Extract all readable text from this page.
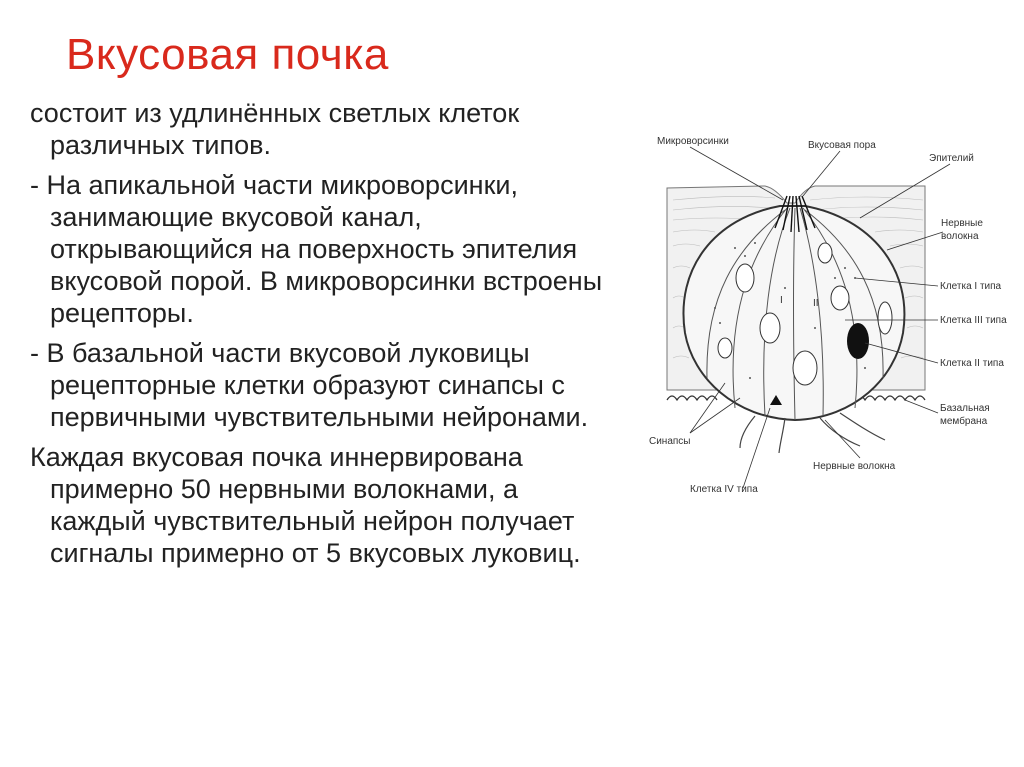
Вкусовая почка

состоит из удлинённых светлых клеток различных типов.

- На апикальной части микроворсинки, занимающие вкусовой канал, открывающийся на поверхность эпителия вкусовой порой. В микроворсинки встроены рецепторы.

- В базальной части вкусовой луковицы рецепторные клетки образуют синапсы с первичными чувствительными нейронами.

Каждая вкусовая почка иннервирована примерно 50 нервными волокнами, а каждый чувствительный нейрон получает сигналы примерно от 5 вкусовых луковиц.

Микроворсинки	Вкусовая пора
Эпителий
Нервные
волокна
Клетка I типа
Клетка III типа
Клетка II типа
Базальная
мембрана
Синапсы
Нервные волокна
Клетка IV типа
I	II
